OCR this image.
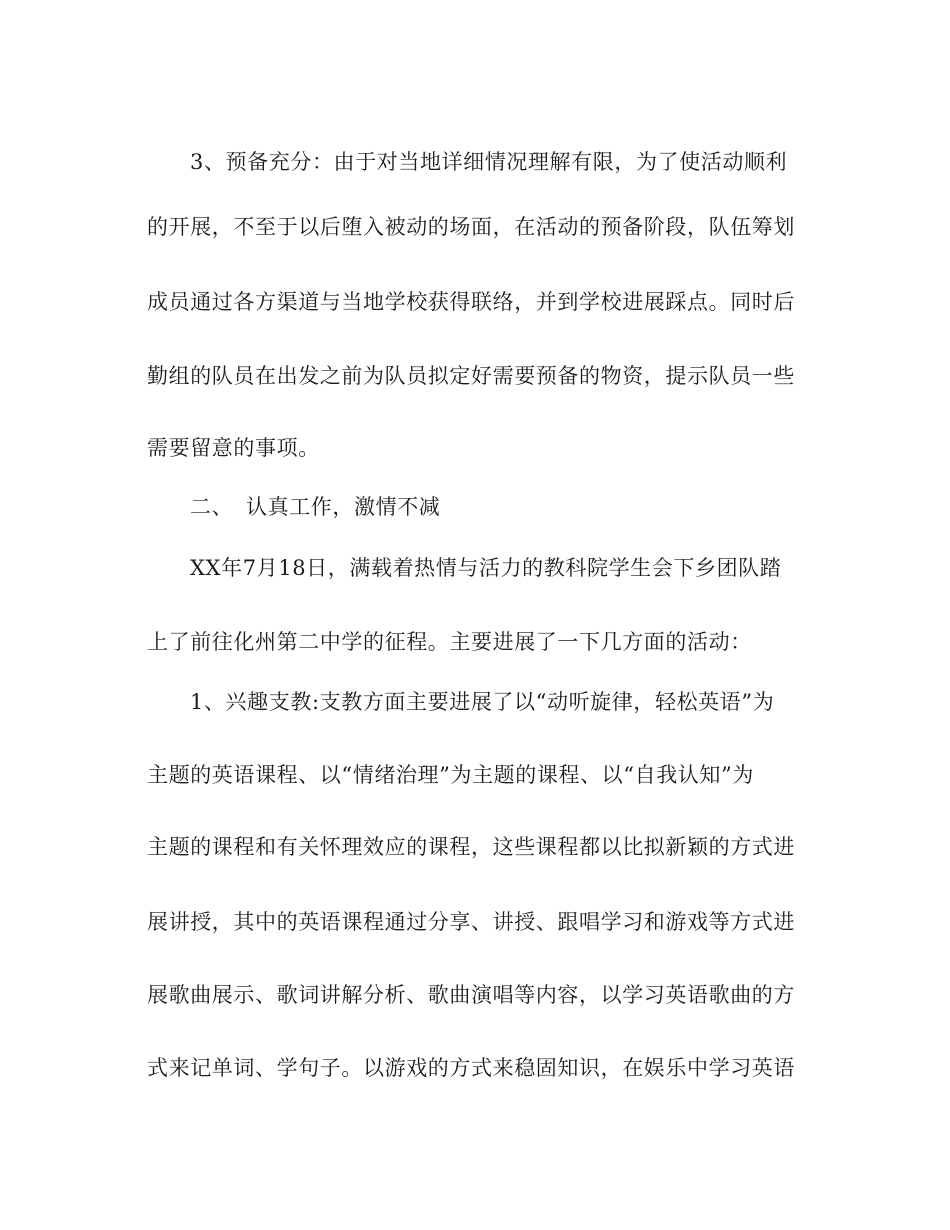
3、预备充分：由于对当地详细情况理解有限，为了使活动顺利
的开展，不至于以后堕入被动的场面，在活动的预备阶段，队伍筹划
成员通过各方渠道与当地学校获得联络，并到学校进展踩点。同时后
勤组的队员在出发之前为队员拟定好需要预备的物资，提示队员一些
需要留意的事项。
二、 认真工作，激情不减
XX年7月18日，满载着热情与活力的教科院学生会下乡团队踏
上了前往化州第二中学的征程。主要进展了一下几方面的活动：
1、兴趣支教:支教方面主要进展了以“动听旋律，轻松英语”为
主题的英语课程、以“情绪治理”为主题的课程、以“自我认知”为
主题的课程和有关怀理效应的课程，这些课程都以比拟新颖的方式进
展讲授，其中的英语课程通过分享、讲授、跟唱学习和游戏等方式进
展歌曲展示、歌词讲解分析、歌曲演唱等内容，以学习英语歌曲的方
式来记单词、学句子。以游戏的方式来稳固知识，在娱乐中学习英语
